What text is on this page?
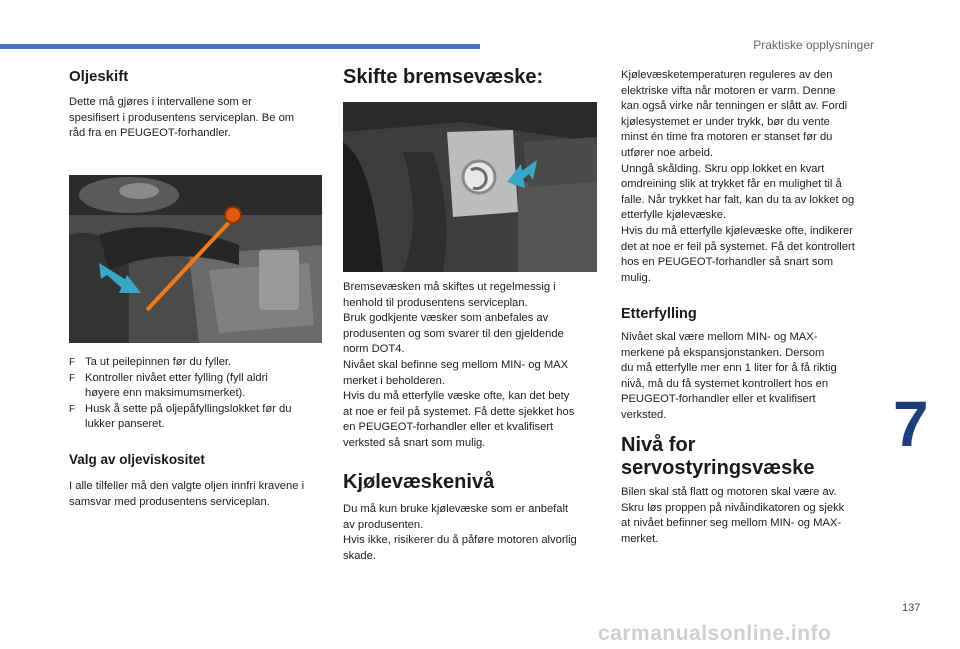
Praktiske opplysninger
Oljeskift
Dette må gjøres i intervallene som er
spesifisert i produsentens serviceplan. Be om
råd fra en PEUGEOT-forhandler.
F Ta ut peilepinnen før du fyller.
F Kontroller nivået etter fylling (fyll aldri
høyere enn maksimumsmerket).
F Husk å sette på oljepåfyllingslokket før du
lukker panseret.
Valg av oljeviskositet
I alle tilfeller må den valgte oljen innfri kravene i
samsvar med produsentens serviceplan.
Skifte bremsevæske:
Bremsevæsken må skiftes ut regelmessig i
henhold til produsentens serviceplan.
Bruk godkjente væsker som anbefales av
produsenten og som svarer til den gjeldende
norm DOT4.
Nivået skal befinne seg mellom MIN- og MAX
merket i beholderen.
Hvis du må etterfylle væske ofte, kan det bety
at noe er feil på systemet. Få dette sjekket hos
en PEUGEOT-forhandler eller et kvalifisert
verksted så snart som mulig.
Kjølevæskenivå
Du må kun bruke kjølevæske som er anbefalt
av produsenten.
Hvis ikke, risikerer du å påføre motoren alvorlig
skade.
Kjølevæsketemperaturen reguleres av den
elektriske vifta når motoren er varm. Denne
kan også virke når tenningen er slått av. Fordi
kjølesystemet er under trykk, bør du vente
minst én time fra motoren er stanset før du
utfører noe arbeid.
Unngå skålding. Skru opp lokket en kvart
omdreining slik at trykket får en mulighet til å
falle. Når trykket har falt, kan du ta av lokket og
etterfylle kjølevæske.
Hvis du må etterfylle kjølevæske ofte, indikerer
det at noe er feil på systemet. Få det kontrollert
hos en PEUGEOT-forhandler så snart som
mulig.
Etterfylling
Nivået skal være mellom MIN- og MAX-
merkene på ekspansjonstanken. Dersom
du må etterfylle mer enn 1 liter for å få riktig
nivå, må du få systemet kontrollert hos en
PEUGEOT-forhandler eller et kvalifisert
verksted.
Nivå for
servostyringsvæske
Bilen skal stå flatt og motoren skal være av.
Skru løs proppen på nivåindikatoren og sjekk
at nivået befinner seg mellom MIN- og MAX-
merket.
7
137
carmanualsonline.info
